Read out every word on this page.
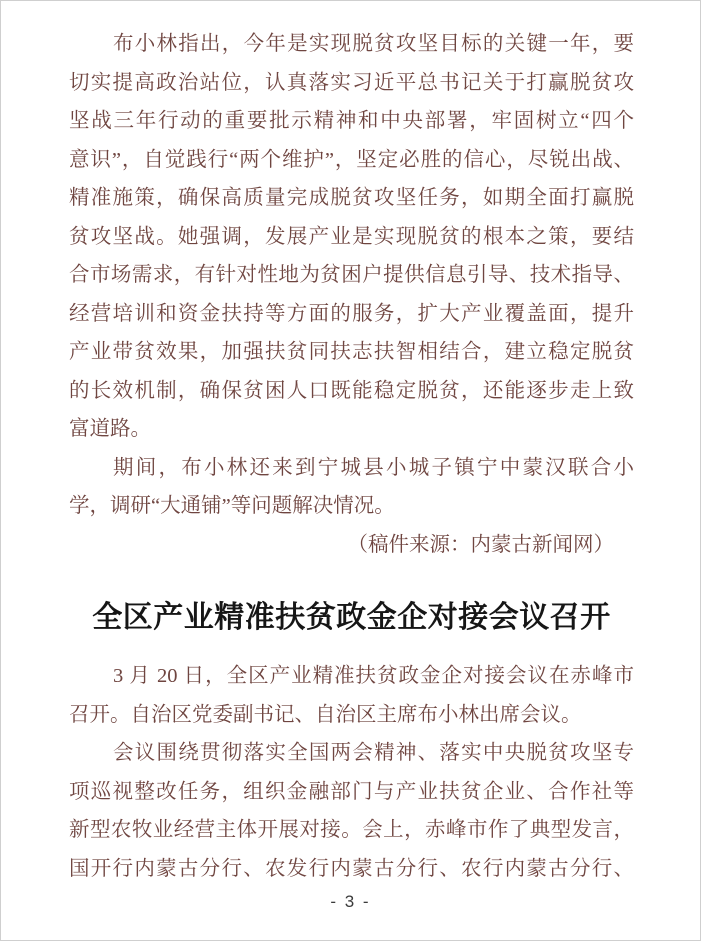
布小林指出，今年是实现脱贫攻坚目标的关键一年，要
切实提高政治站位，认真落实习近平总书记关于打赢脱贫攻
坚战三年行动的重要批示精神和中央部署，牢固树立“四个
意识”，自觉践行“两个维护”，坚定必胜的信心，尽锐出战、
精准施策，确保高质量完成脱贫攻坚任务，如期全面打赢脱
贫攻坚战。她强调，发展产业是实现脱贫的根本之策，要结
合市场需求，有针对性地为贫困户提供信息引导、技术指导、
经营培训和资金扶持等方面的服务，扩大产业覆盖面，提升
产业带贫效果，加强扶贫同扶志扶智相结合，建立稳定脱贫
的长效机制，确保贫困人口既能稳定脱贫，还能逐步走上致
富道路。
期间，布小林还来到宁城县小城子镇宁中蒙汉联合小
学，调研“大通铺”等问题解决情况。
（稿件来源：内蒙古新闻网）
全区产业精准扶贫政金企对接会议召开
3 月 20 日，全区产业精准扶贫政金企对接会议在赤峰市
召开。自治区党委副书记、自治区主席布小林出席会议。
会议围绕贯彻落实全国两会精神、落实中央脱贫攻坚专
项巡视整改任务，组织金融部门与产业扶贫企业、合作社等
新型农牧业经营主体开展对接。会上，赤峰市作了典型发言，
国开行内蒙古分行、农发行内蒙古分行、农行内蒙古分行、
- 3 -
